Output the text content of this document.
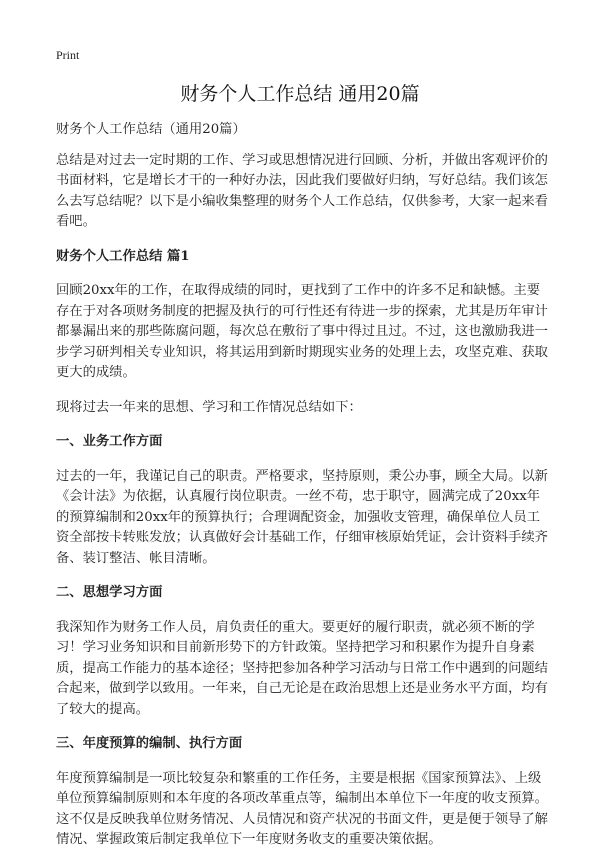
Print
财务个人工作总结 通用20篇

财务个人工作总结（通用20篇）

总结是对过去一定时期的工作、学习或思想情况进行回顾、分析，并做出客观评价的书面材料，它是增长才干的一种好办法，因此我们要做好归纳，写好总结。我们该怎么去写总结呢？以下是小编收集整理的财务个人工作总结，仅供参考，大家一起来看看吧。

财务个人工作总结 篇1

回顾20xx年的工作，在取得成绩的同时，更找到了工作中的许多不足和缺憾。主要存在于对各项财务制度的把握及执行的可行性还有待进一步的探索，尤其是历年审计都暴漏出来的那些陈腐问题，每次总在敷衍了事中得过且过。不过，这也激励我进一步学习研判相关专业知识，将其运用到新时期现实业务的处理上去，攻坚克难、获取更大的成绩。

现将过去一年来的思想、学习和工作情况总结如下：

一、业务工作方面

过去的一年，我谨记自己的职责。严格要求，坚持原则，秉公办事，顾全大局。以新《会计法》为依据，认真履行岗位职责。一丝不苟，忠于职守，圆满完成了20xx年的预算编制和20xx年的预算执行；合理调配资金，加强收支管理，确保单位人员工资全部按卡转账发放；认真做好会计基础工作，仔细审核原始凭证，会计资料手续齐备、装订整洁、帐目清晰。

二、思想学习方面

我深知作为财务工作人员，肩负责任的重大。要更好的履行职责，就必须不断的学习！学习业务知识和目前新形势下的方针政策。坚持把学习和积累作为提升自身素质，提高工作能力的基本途径；坚持把参加各种学习活动与日常工作中遇到的问题结合起来，做到学以致用。一年来，自己无论是在政治思想上还是业务水平方面，均有了较大的提高。

三、年度预算的编制、执行方面

年度预算编制是一项比较复杂和繁重的工作任务，主要是根据《国家预算法》、上级单位预算编制原则和本年度的各项改革重点等，编制出本单位下一年度的收支预算。这不仅是反映我单位财务情况、人员情况和资产状况的书面文件，更是便于领导了解情况、掌握政策后制定我单位下一年度财务收支的重要决策依据。
